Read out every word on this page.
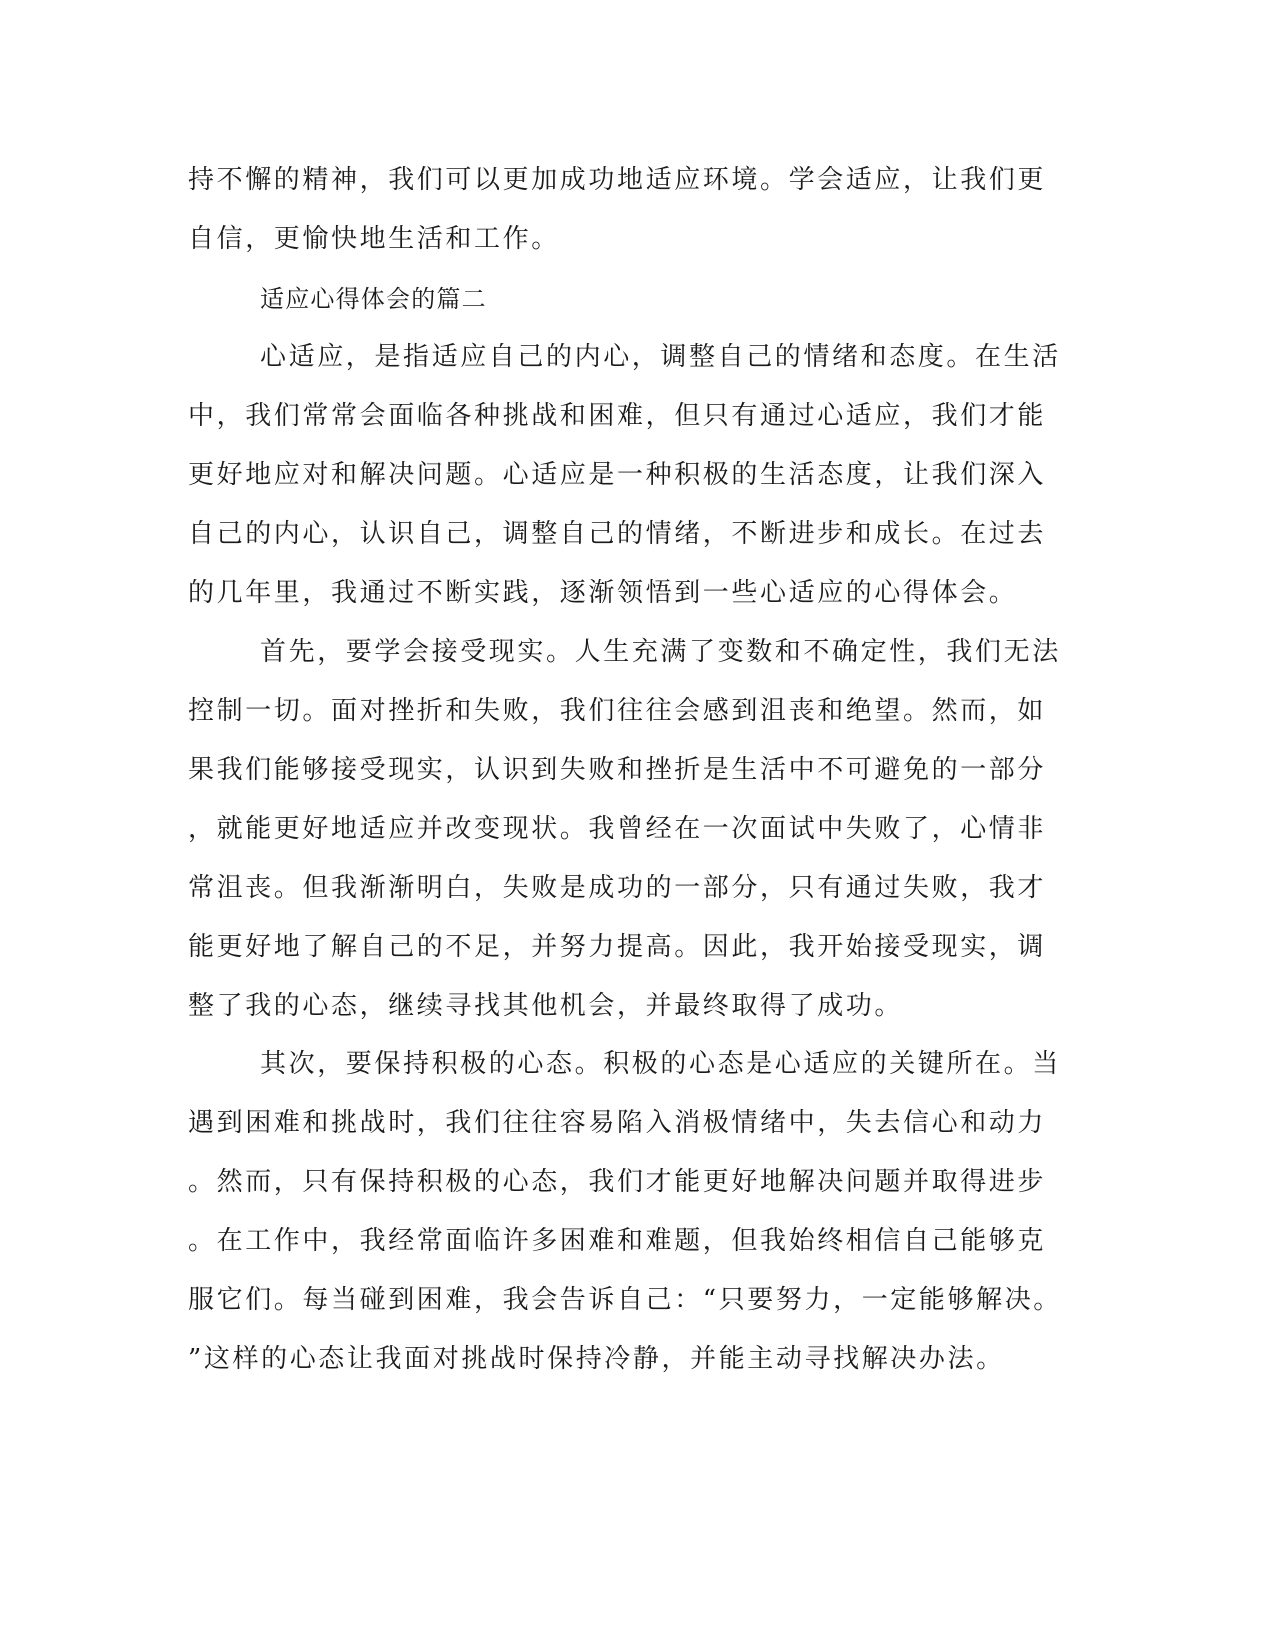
持不懈的精神，我们可以更加成功地适应环境。学会适应，让我们更
自信，更愉快地生活和工作。
适应心得体会的篇二
心适应，是指适应自己的内心，调整自己的情绪和态度。在生活
中，我们常常会面临各种挑战和困难，但只有通过心适应，我们才能
更好地应对和解决问题。心适应是一种积极的生活态度，让我们深入
自己的内心，认识自己，调整自己的情绪，不断进步和成长。在过去
的几年里，我通过不断实践，逐渐领悟到一些心适应的心得体会。
首先，要学会接受现实。人生充满了变数和不确定性，我们无法
控制一切。面对挫折和失败，我们往往会感到沮丧和绝望。然而，如
果我们能够接受现实，认识到失败和挫折是生活中不可避免的一部分
，就能更好地适应并改变现状。我曾经在一次面试中失败了，心情非
常沮丧。但我渐渐明白，失败是成功的一部分，只有通过失败，我才
能更好地了解自己的不足，并努力提高。因此，我开始接受现实，调
整了我的心态，继续寻找其他机会，并最终取得了成功。
其次，要保持积极的心态。积极的心态是心适应的关键所在。当
遇到困难和挑战时，我们往往容易陷入消极情绪中，失去信心和动力
。然而，只有保持积极的心态，我们才能更好地解决问题并取得进步
。在工作中，我经常面临许多困难和难题，但我始终相信自己能够克
服它们。每当碰到困难，我会告诉自己：“只要努力，一定能够解决。
”这样的心态让我面对挑战时保持冷静，并能主动寻找解决办法。
